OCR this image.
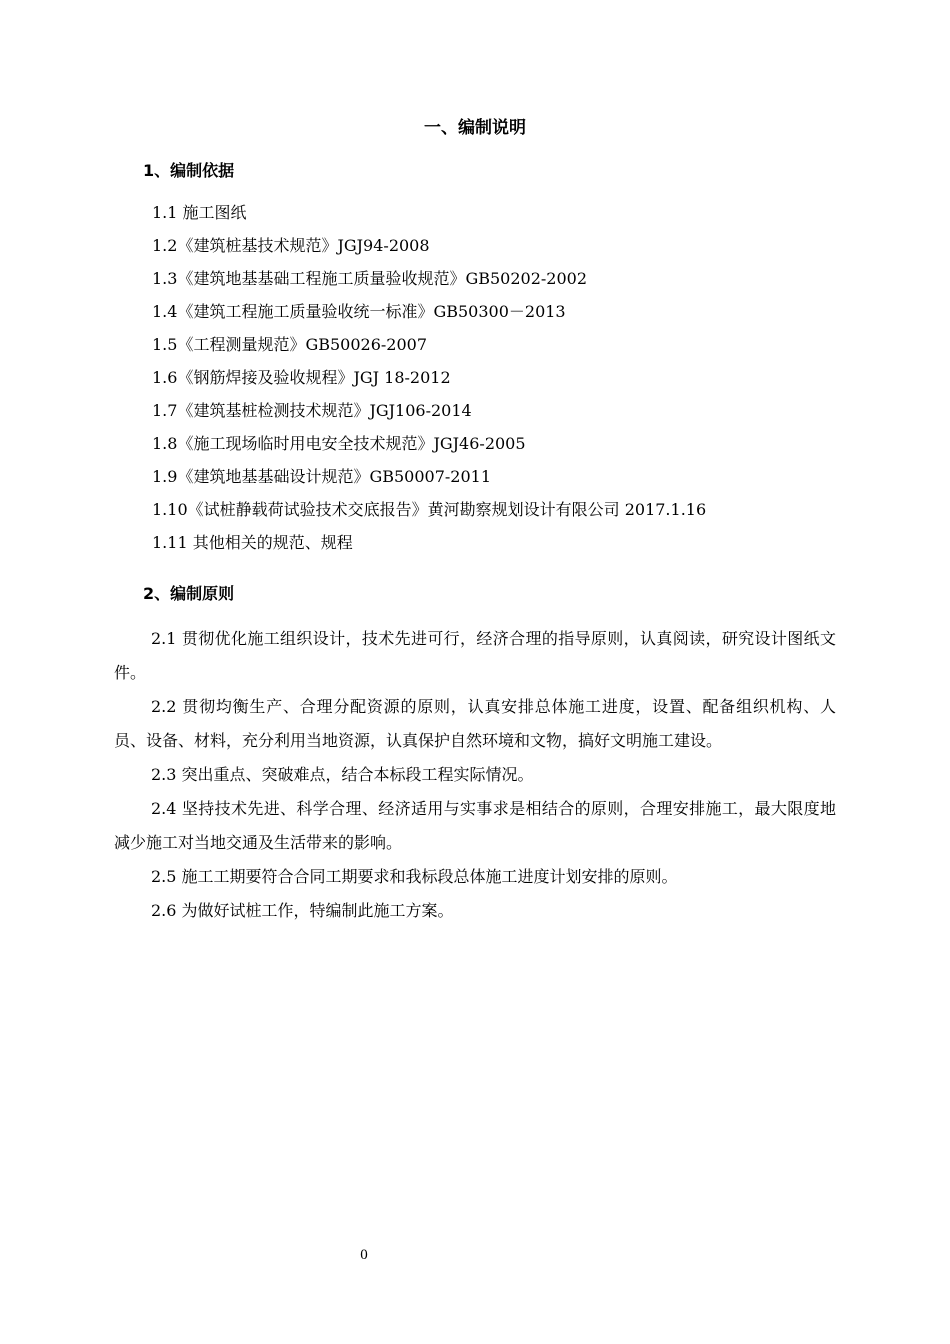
一、编制说明
1、编制依据
1.1 施工图纸
1.2《建筑桩基技术规范》JGJ94-2008
1.3《建筑地基基础工程施工质量验收规范》GB50202-2002
1.4《建筑工程施工质量验收统一标准》GB50300－2013
1.5《工程测量规范》GB50026-2007
1.6《钢筋焊接及验收规程》JGJ 18-2012
1.7《建筑基桩检测技术规范》JGJ106-2014
1.8《施工现场临时用电安全技术规范》JGJ46-2005
1.9《建筑地基基础设计规范》GB50007-2011
1.10《试桩静载荷试验技术交底报告》黄河勘察规划设计有限公司 2017.1.16
1.11 其他相关的规范、规程
2、编制原则

2.1 贯彻优化施工组织设计，技术先进可行，经济合理的指导原则，认真阅读，研究设计图纸文件。

2.2 贯彻均衡生产、合理分配资源的原则，认真安排总体施工进度，设置、配备组织机构、人员、设备、材料，充分利用当地资源，认真保护自然环境和文物，搞好文明施工建设。

2.3 突出重点、突破难点，结合本标段工程实际情况。

2.4 坚持技术先进、科学合理、经济适用与实事求是相结合的原则，合理安排施工，最大限度地减少施工对当地交通及生活带来的影响。

2.5 施工工期要符合合同工期要求和我标段总体施工进度计划安排的原则。

2.6 为做好试桩工作，特编制此施工方案。

0
